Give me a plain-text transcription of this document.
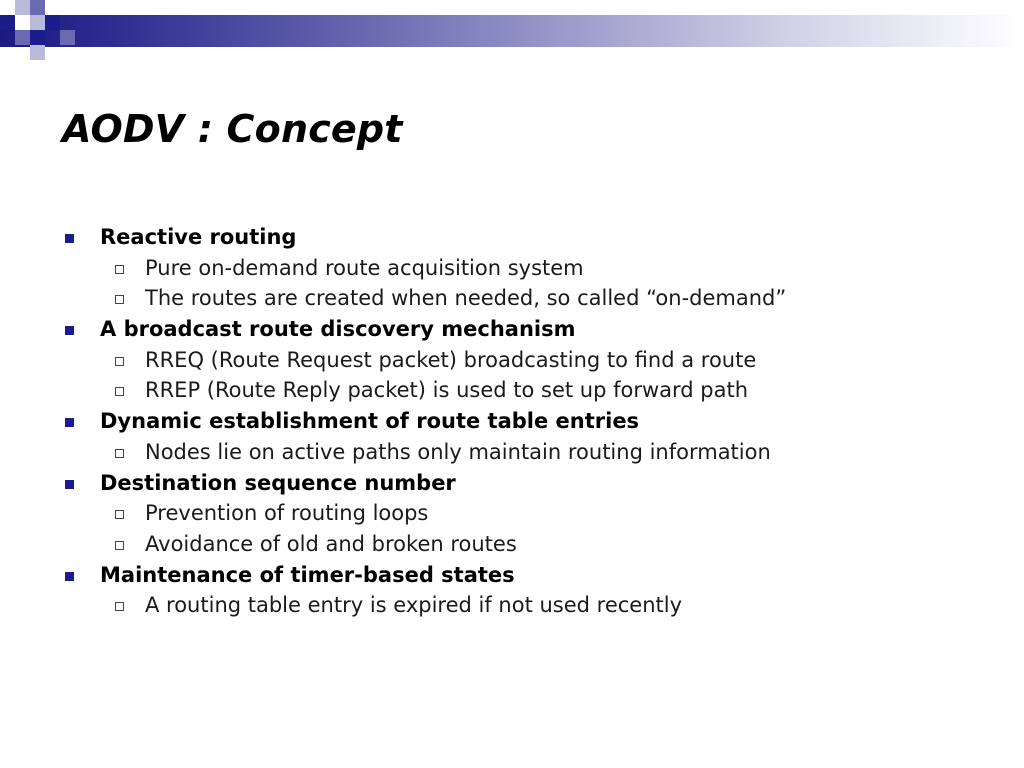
AODV : Concept
Reactive routing
Pure on-demand route acquisition system
The routes are created when needed, so called “on-demand”
A broadcast route discovery mechanism
RREQ (Route Request packet) broadcasting to find a route
RREP (Route Reply packet) is used to set up forward path
Dynamic establishment of route table entries
Nodes lie on active paths only maintain routing information
Destination sequence number
Prevention of routing loops
Avoidance of old and broken routes
Maintenance of timer-based states
A routing table entry is expired if not used recently
